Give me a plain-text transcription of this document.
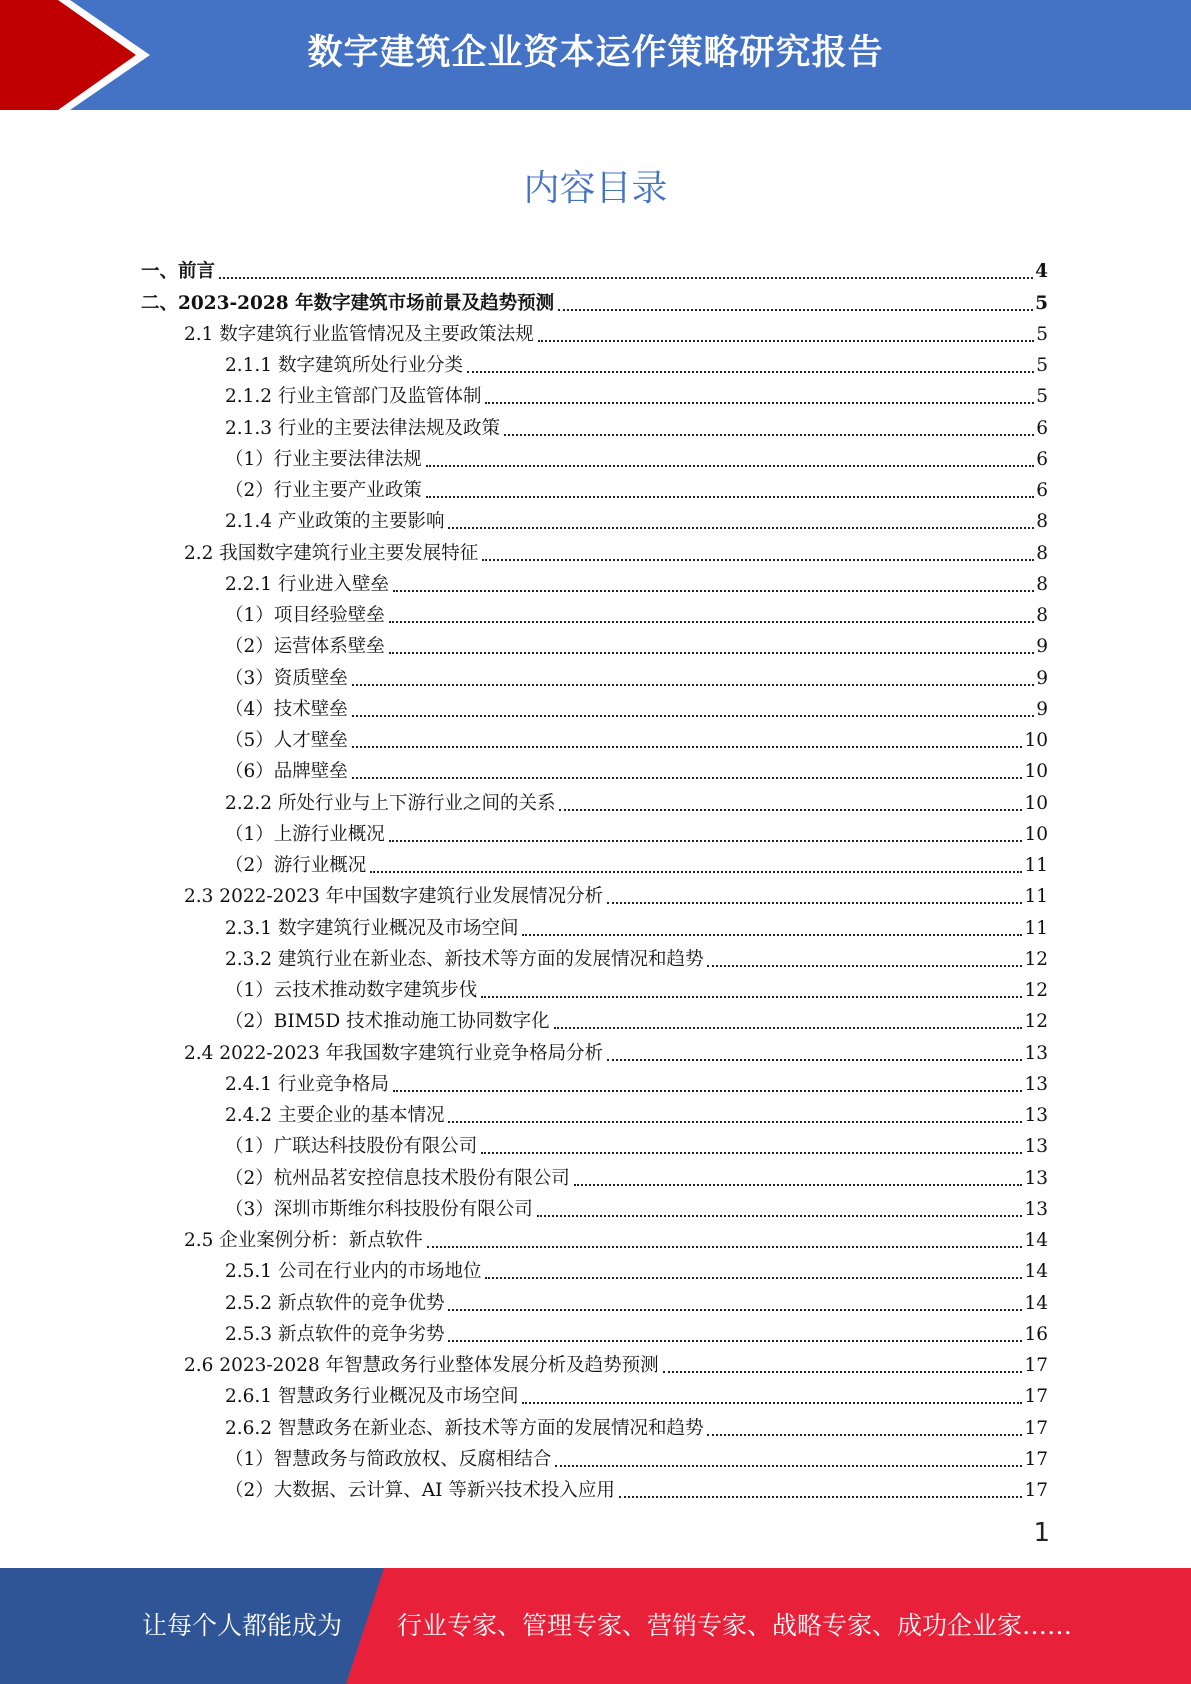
数字建筑企业资本运作策略研究报告
内容目录
一、前言	4
二、2023-2028 年数字建筑市场前景及趋势预测	5
2.1 数字建筑行业监管情况及主要政策法规	5
2.1.1 数字建筑所处行业分类	5
2.1.2 行业主管部门及监管体制	5
2.1.3 行业的主要法律法规及政策	6
（1）行业主要法律法规	6
（2）行业主要产业政策	6
2.1.4 产业政策的主要影响	8
2.2 我国数字建筑行业主要发展特征	8
2.2.1 行业进入壁垒	8
（1）项目经验壁垒	8
（2）运营体系壁垒	9
（3）资质壁垒	9
（4）技术壁垒	9
（5）人才壁垒	10
（6）品牌壁垒	10
2.2.2 所处行业与上下游行业之间的关系	10
（1）上游行业概况	10
（2）游行业概况	11
2.3 2022-2023 年中国数字建筑行业发展情况分析	11
2.3.1 数字建筑行业概况及市场空间	11
2.3.2 建筑行业在新业态、新技术等方面的发展情况和趋势	12
（1）云技术推动数字建筑步伐	12
（2）BIM5D 技术推动施工协同数字化	12
2.4 2022-2023 年我国数字建筑行业竞争格局分析	13
2.4.1 行业竞争格局	13
2.4.2 主要企业的基本情况	13
（1）广联达科技股份有限公司	13
（2）杭州品茗安控信息技术股份有限公司	13
（3）深圳市斯维尔科技股份有限公司	13
2.5 企业案例分析：新点软件	14
2.5.1 公司在行业内的市场地位	14
2.5.2 新点软件的竞争优势	14
2.5.3 新点软件的竞争劣势	16
2.6 2023-2028 年智慧政务行业整体发展分析及趋势预测	17
2.6.1 智慧政务行业概况及市场空间	17
2.6.2 智慧政务在新业态、新技术等方面的发展情况和趋势	17
（1）智慧政务与简政放权、反腐相结合	17
（2）大数据、云计算、AI 等新兴技术投入应用	17
1
让每个人都能成为 行业专家、管理专家、营销专家、战略专家、成功企业家……
